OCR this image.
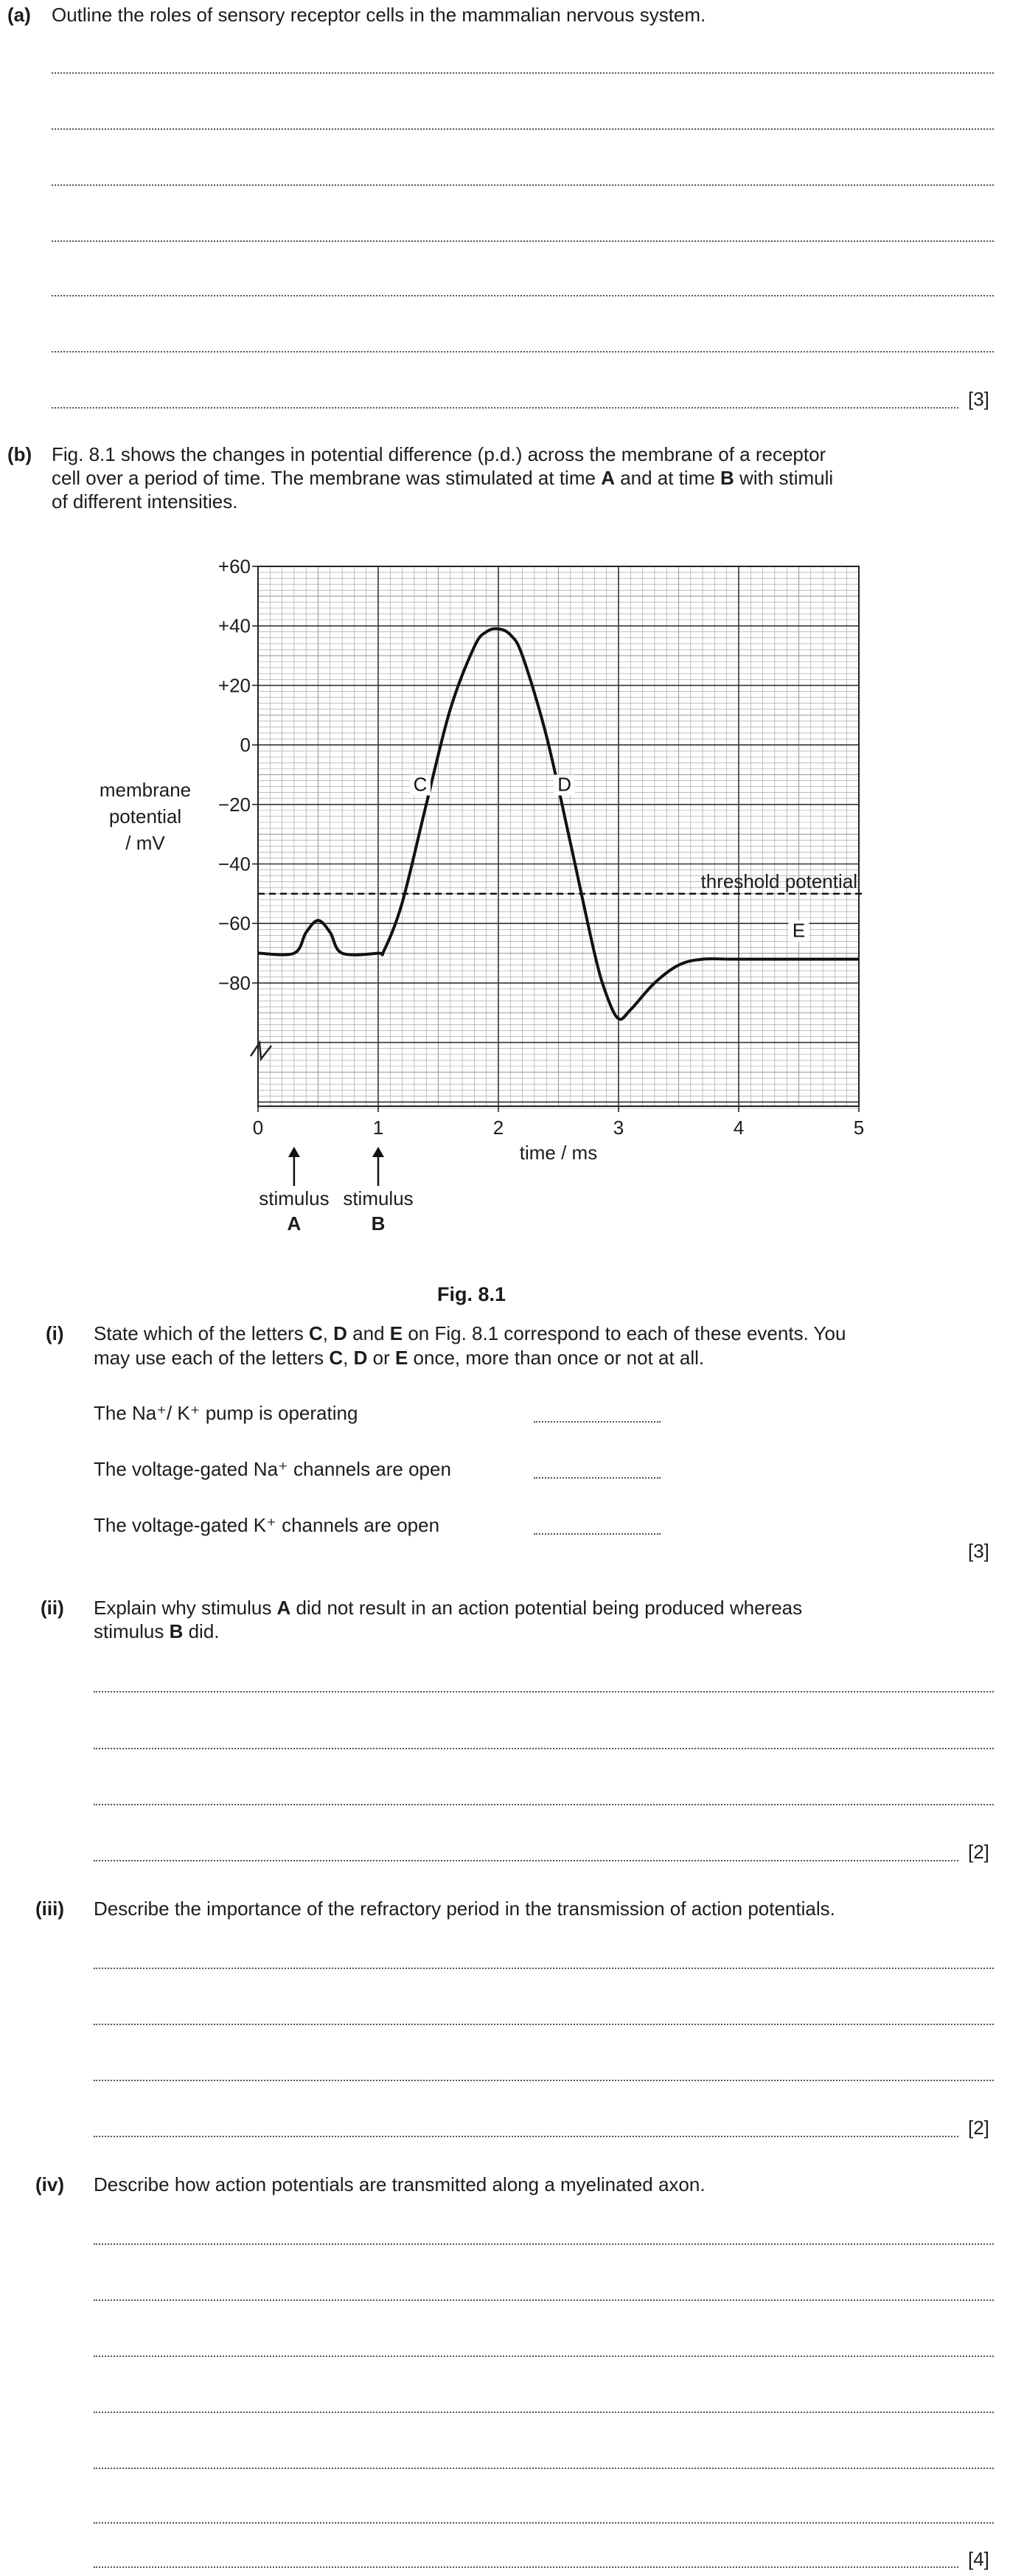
(a) Outline the roles of sensory receptor cells in the mammalian nervous system.
[3]
(b) Fig. 8.1 shows the changes in potential difference (p.d.) across the membrane of a receptor
cell over a period of time. The membrane was stimulated at time A and at time B with stimuli
of different intensities.
+60
+40
+20
0
−20
−40
−60
−80
0	1	2	3	4	5
threshold potential
C	D
E
stimulus
A
stimulus
B
time / ms
membrane
potential
/ mV
Fig. 8.1
(i) State which of the letters C, D and E on Fig. 8.1 correspond to each of these events. You
may use each of the letters C, D or E once, more than once or not at all.
The Na⁺/ K⁺ pump is operating
The voltage-gated Na⁺ channels are open
The voltage-gated K⁺ channels are open
[3]
(ii) Explain why stimulus A did not result in an action potential being produced whereas
stimulus B did.
[2]
(iii) Describe the importance of the refractory period in the transmission of action potentials.
[2]
(iv) Describe how action potentials are transmitted along a myelinated axon.
[4]
